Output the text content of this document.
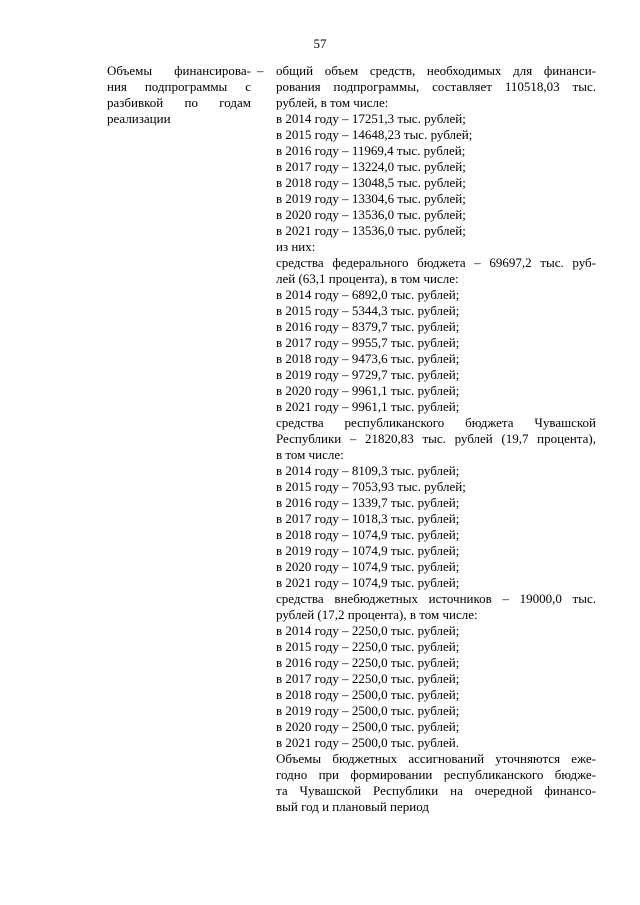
57
Объемы финансирова-
ния подпрограммы с
разбивкой по годам
реализации
– общий объем средств, необходимых для финанси-
рования подпрограммы, составляет 110518,03 тыс.
рублей, в том числе:
в 2014 году – 17251,3 тыс. рублей;
в 2015 году – 14648,23 тыс. рублей;
в 2016 году – 11969,4 тыс. рублей;
в 2017 году – 13224,0 тыс. рублей;
в 2018 году – 13048,5 тыс. рублей;
в 2019 году – 13304,6 тыс. рублей;
в 2020 году – 13536,0 тыс. рублей;
в 2021 году – 13536,0 тыс. рублей;
из них:
средства федерального бюджета – 69697,2 тыс. руб-
лей (63,1 процента), в том числе:
в 2014 году – 6892,0 тыс. рублей;
в 2015 году – 5344,3 тыс. рублей;
в 2016 году – 8379,7 тыс. рублей;
в 2017 году – 9955,7 тыс. рублей;
в 2018 году – 9473,6 тыс. рублей;
в 2019 году – 9729,7 тыс. рублей;
в 2020 году – 9961,1 тыс. рублей;
в 2021 году – 9961,1 тыс. рублей;
средства республиканского бюджета Чувашской
Республики – 21820,83 тыс. рублей (19,7 процента),
в том числе:
в 2014 году – 8109,3 тыс. рублей;
в 2015 году – 7053,93 тыс. рублей;
в 2016 году – 1339,7 тыс. рублей;
в 2017 году – 1018,3 тыс. рублей;
в 2018 году – 1074,9 тыс. рублей;
в 2019 году – 1074,9 тыс. рублей;
в 2020 году – 1074,9 тыс. рублей;
в 2021 году – 1074,9 тыс. рублей;
средства внебюджетных источников – 19000,0 тыс.
рублей (17,2 процента), в том числе:
в 2014 году – 2250,0 тыс. рублей;
в 2015 году – 2250,0 тыс. рублей;
в 2016 году – 2250,0 тыс. рублей;
в 2017 году – 2250,0 тыс. рублей;
в 2018 году – 2500,0 тыс. рублей;
в 2019 году – 2500,0 тыс. рублей;
в 2020 году – 2500,0 тыс. рублей;
в 2021 году – 2500,0 тыс. рублей.
Объемы бюджетных ассигнований уточняются еже-
годно при формировании республиканского бюдже-
та Чувашской Республики на очередной финансо-
вый год и плановый период
